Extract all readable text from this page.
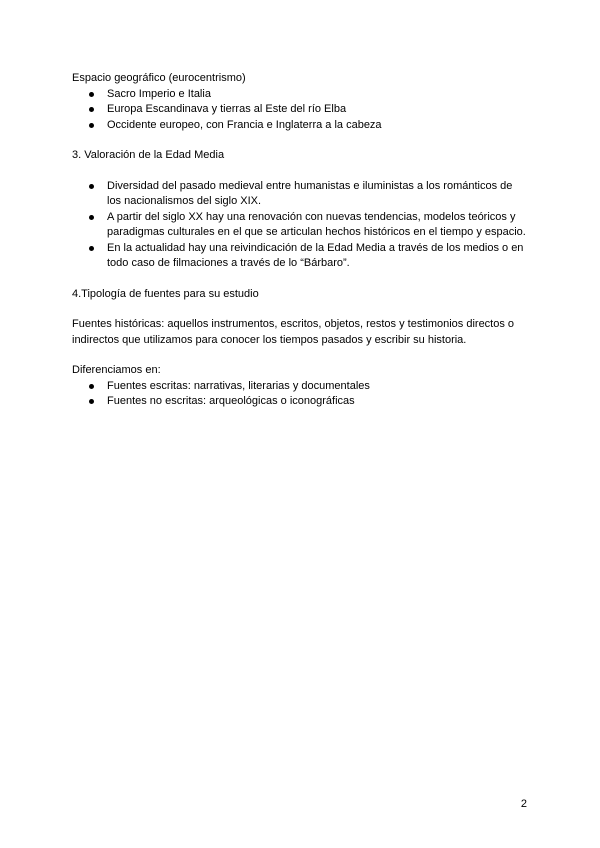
Espacio geográfico (eurocentrismo)

Sacro Imperio e Italia
Europa Escandinava y tierras al Este del río Elba
Occidente europeo, con Francia e Inglaterra a la cabeza

3. Valoración de la Edad Media

Diversidad del pasado medieval entre humanistas e iluministas a los románticos de los nacionalismos del siglo XIX.
A partir del siglo XX hay una renovación con nuevas tendencias, modelos teóricos y paradigmas culturales en el que se articulan hechos históricos en el tiempo y espacio.
En la actualidad hay una reivindicación de la Edad Media a través de los medios o en todo caso de filmaciones a través de lo “Bárbaro”.

4.Tipología de fuentes para su estudio

Fuentes históricas: aquellos instrumentos, escritos, objetos, restos y testimonios directos o indirectos que utilizamos para conocer los tiempos pasados y escribir su historia.

Diferenciamos en:

Fuentes escritas: narrativas, literarias y documentales
Fuentes no escritas: arqueológicas o iconográficas
2
